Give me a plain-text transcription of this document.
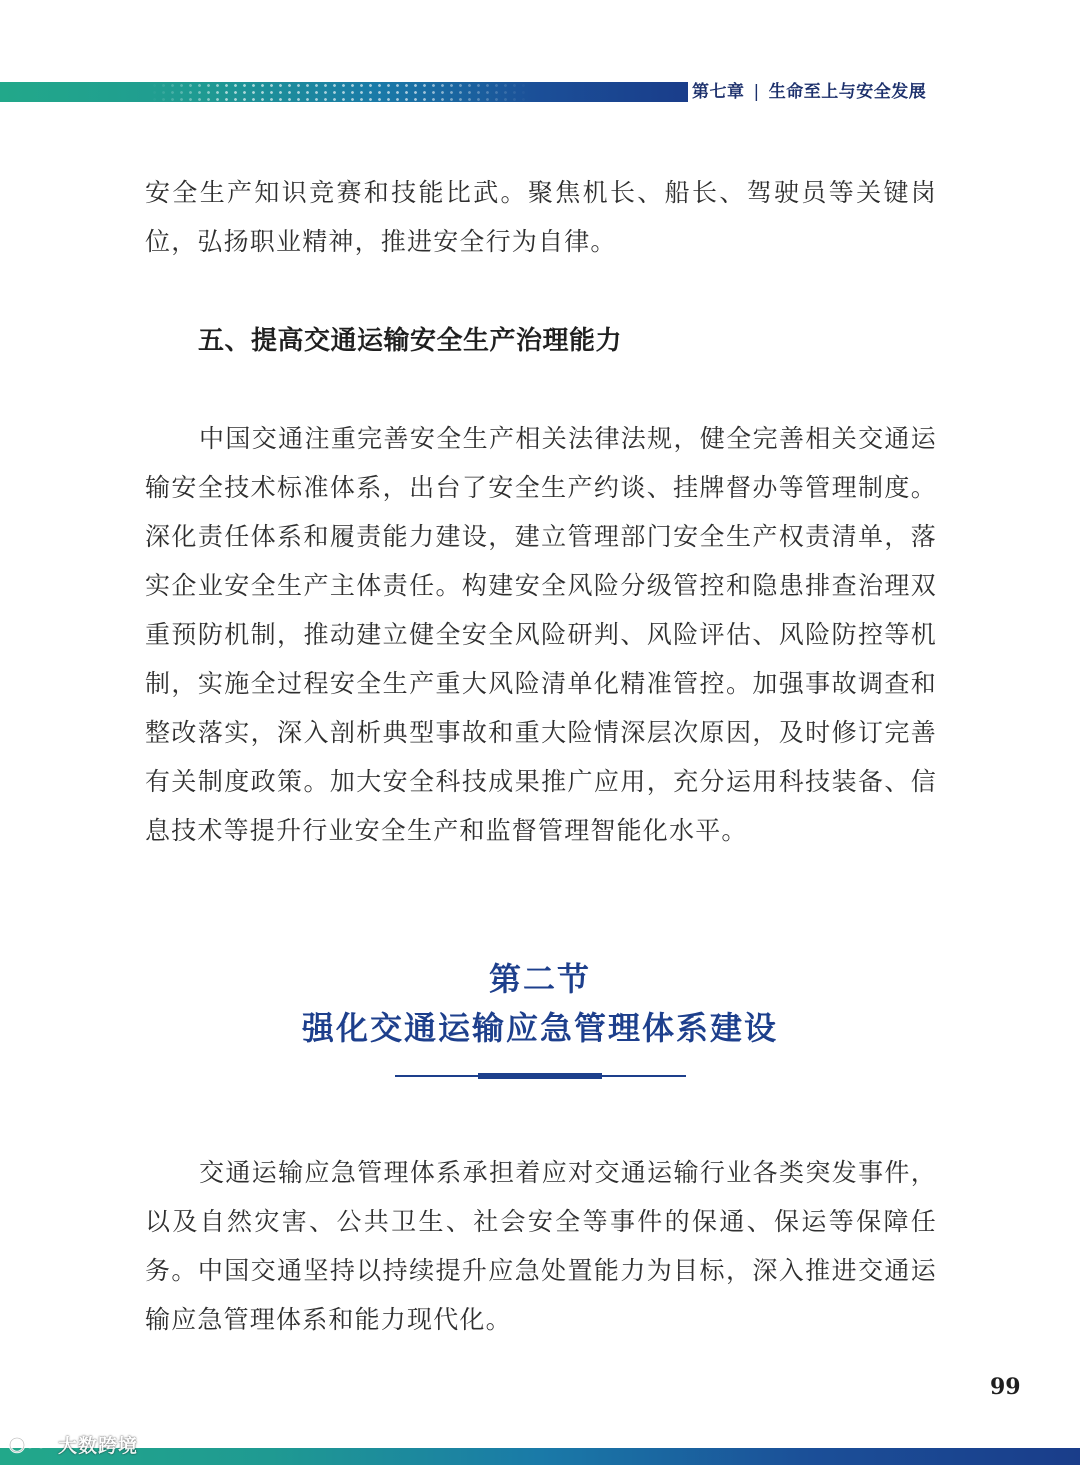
第七章 | 生命至上与安全发展

安全生产知识竞赛和技能比武。聚焦机长、船长、驾驶员等关键岗位，弘扬职业精神，推进安全行为自律。

五、提高交通运输安全生产治理能力

中国交通注重完善安全生产相关法律法规，健全完善相关交通运输安全技术标准体系，出台了安全生产约谈、挂牌督办等管理制度。深化责任体系和履责能力建设，建立管理部门安全生产权责清单，落实企业安全生产主体责任。构建安全风险分级管控和隐患排查治理双重预防机制，推动建立健全安全风险研判、风险评估、风险防控等机制，实施全过程安全生产重大风险清单化精准管控。加强事故调查和整改落实，深入剖析典型事故和重大险情深层次原因，及时修订完善有关制度政策。加大安全科技成果推广应用，充分运用科技装备、信息技术等提升行业安全生产和监督管理智能化水平。

第二节
强化交通运输应急管理体系建设

交通运输应急管理体系承担着应对交通运输行业各类突发事件，以及自然灾害、公共卫生、社会安全等事件的保通、保运等保障任务。中国交通坚持以持续提升应急处置能力为目标，深入推进交通运输应急管理体系和能力现代化。

99
大数跨境
